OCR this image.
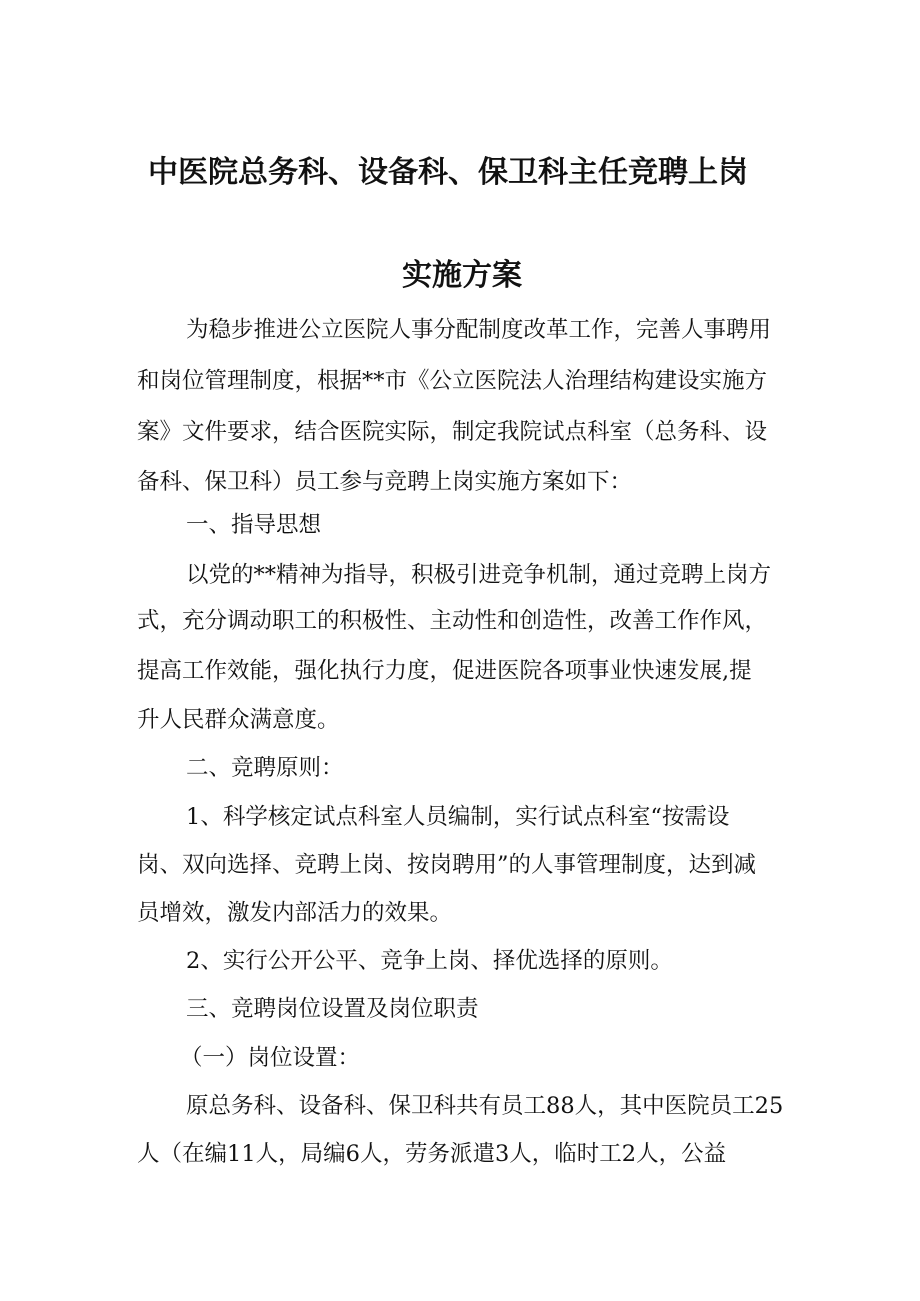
中医院总务科、设备科、保卫科主任竞聘上岗
实施方案

为稳步推进公立医院人事分配制度改革工作，完善人事聘用

和岗位管理制度，根据**市《公立医院法人治理结构建设实施方

案》文件要求，结合医院实际，制定我院试点科室（总务科、设

备科、保卫科）员工参与竞聘上岗实施方案如下：

一、指导思想

以党的**精神为指导，积极引进竞争机制，通过竞聘上岗方

式，充分调动职工的积极性、主动性和创造性，改善工作作风，

提高工作效能，强化执行力度，促进医院各项事业快速发展,提

升人民群众满意度。

二、竞聘原则：

1、科学核定试点科室人员编制，实行试点科室“按需设

岗、双向选择、竞聘上岗、按岗聘用”的人事管理制度，达到减

员增效，激发内部活力的效果。

2、实行公开公平、竞争上岗、择优选择的原则。

三、竞聘岗位设置及岗位职责

（一）岗位设置：

原总务科、设备科、保卫科共有员工88人，其中医院员工25

人（在编11人，局编6人，劳务派遣3人，临时工2人，公益
